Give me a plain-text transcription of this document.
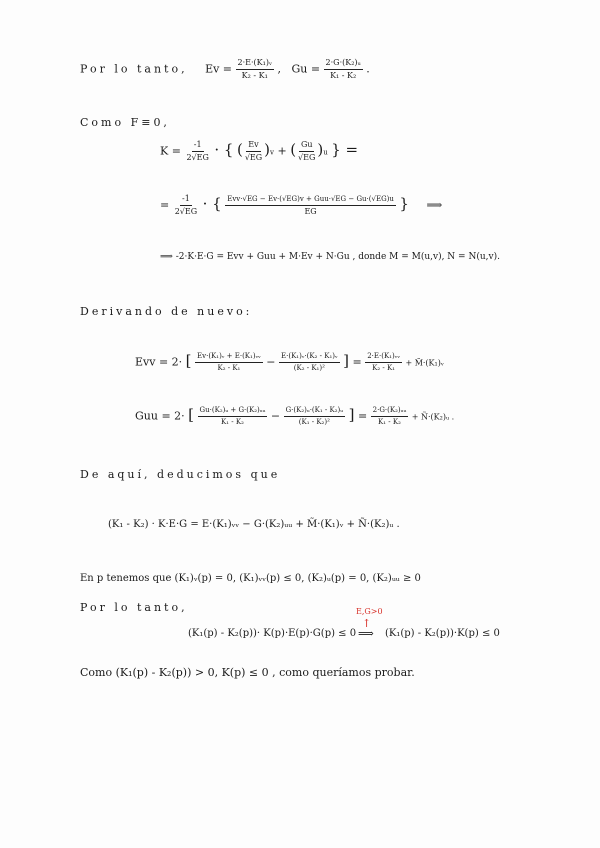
Por lo tanto, $Ev = \frac{\text{2·E·(K₁)ᵥ}}{\text{K₂ - K₁}}$ , $Gu = \frac{\text{2·G·(K₂)ᵤ}}{\text{K₁ - K₂}}$ .
Como F≡0,
$K = \frac{-1}{2√EG}$ · { ( $\frac{Ev}{√EG} )v$ + ( $\frac{Gu}{√EG} )u$ } =
= $\frac{-1}{2√EG}$ · { $\frac{\text{Evv·√EG − Ev·(√EG)v + Guu·√EG − Gu·(√EG)u}}{EG}$ } ⟹
⟹ -2·K·E·G = Evv + Guu + M·Ev + N·Gu , donde M = M(u,v), N = N(u,v).
Derivando de nuevo:
Evv = 2· [ $\frac{\text{Ev·(K₁)ᵥ + E·(K₁)ᵥᵥ}}{\text{K₂ - K₁}} - \frac{\text{E·(K₁)ᵥ·(K₂ - K₁)ᵥ}}{\text{(K₂ - K₁)²}}$ ] = $\frac{\text{2·E·(K₁)ᵥᵥ}}{\text{K₂ - K₁}}$ + M̃·(K₁)ᵥ
Guu = 2· [ $\frac{\text{Gu·(K₂)ᵤ + G·(K₂)ᵤᵤ}}{\text{K₁ - K₂}} - \frac{\text{G·(K₂)ᵤ·(K₁ - K₂)ᵤ}}{\text{(K₁ - K₂)²}}$ ] = $\frac{\text{2·G·(K₂)ᵤᵤ}}{\text{K₁ - K₂}}$ + Ñ·(K₂)ᵤ .
De aquí, deducimos que
(K₁ - K₂) · K·E·G = E·(K₁)ᵥᵥ − G·(K₂)ᵤᵤ + M̃·(K₁)ᵥ + Ñ·(K₂)ᵤ .
En p tenemos que (K₁)ᵥ(p) = 0, (K₁)ᵥᵥ(p) ≤ 0, (K₂)ᵤ(p) = 0, (K₂)ᵤᵤ ≥ 0
Por lo tanto,	E,G>0
↑
(K₁(p) - K₂(p))· K(p)·E(p)·G(p) ≤ 0 ⟹ (K₁(p) - K₂(p))·K(p) ≤ 0
Como (K₁(p) - K₂(p)) > 0, K(p) ≤ 0 , como queríamos probar.
